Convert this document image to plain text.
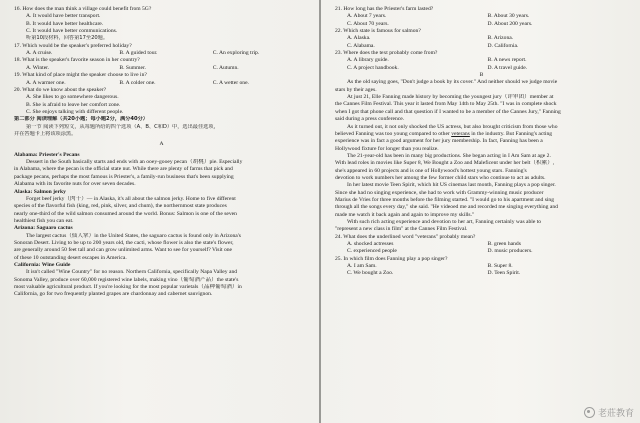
16. How does the man think a village could benefit from 5G?
A. It would have better transport.
B. It would have better healthcare.
C. It would have better communications.
听第10段材料，回答第17至20题。
17. Which would be the speaker's preferred holiday?
A. A cruise.	B. A guided tour.	C. An exploring trip.
18. What is the speaker's favorite season in her country?
A. Winter.	B. Summer.	C. Autumn.
19. What kind of place might the speaker choose to live in?
A. A warmer one.	B. A colder one.	C. A wetter one.
20. What do we know about the speaker?
A. She likes to go somewhere dangerous.
B. She is afraid to leave her comfort zone.
C. She enjoys talking with different people.
第二部分 阅读理解（共20小题；每小题2分，满分40分）
第一节 阅读下列短文，从每题所给的四个选项（A、B、C和D）中，选出最佳选项，
并在答题卡上将该项涂黑。
A
Alabama: Priester's Pecans
Dessert in the South basically starts and ends with an ooey-gooey pecan（胡桃）pie. Especially
in Alabama, where the pecan is the official state nut. While there are plenty of farms that pick and
package pecans, perhaps the most famous is Priester's, a family-run business that's been supplying
Alabama with its favorite nuts for over seven decades.
Alaska: Salmon jerky
Forget beef jerky（肉干）— in Alaska, it's all about the salmon jerky. Home to five different
species of the flavorful fish (king, red, pink, silver, and chum), the northernmost state produces
nearly one-third of the wild salmon consumed around the world. Bonus: Salmon is one of the seven
healthiest fish you can eat.
Arizona: Saguaro cactus
The largest cactus（仙人掌）in the United States, the saguaro cactus is found only in Arizona's
Sonoran Desert. Living to be up to 200 years old, the cacti, whose flower is also the state's flower,
are generally around 50 feet tall and can grow unlimited arms. Want to see for yourself? Visit one
of these 10 outstanding desert escapes in America.
California: Wine Guide
It isn't called "Wine Country" for no reason. Northern California, specifically Napa Valley and
Sonoma Valley, produce over 60,000 registered wine labels, making vino（葡萄酒产品）the state's
most valuable agricultural product. If you're looking for the most popular varietals（品种葡萄酒）in
California, go for two frequently planted grapes are chardonnay and cabernet sauvignon.
21. How long has the Priester's farm lasted?
A. About 7 years.	B. About 30 years.
C. About 70 years.	D. About 200 years.
22. Which state is famous for salmon?
A. Alaska.	B. Arizona.
C. Alabama.	D. California.
23. Where does the text probably come from?
A. A library guide.	B. A news report.
C. A project handbook.	D. A travel guide.
B
As the old saying goes, "Don't judge a book by its cover." And neither should we judge movie
stars by their ages.
At just 21, Elle Fanning made history by becoming the youngest jury（评审团）member at
the Cannes Film Festival. This year it lasted from May 14th to May 25th. "I was in complete shock
when I got that phone call and that question if I wanted to be a member of the Cannes Jury," Fanning
said during a press conference.
As it turned out, it not only shocked the US actress, but also brought criticism from those who
believed Fanning was too young compared to other veterans in the industry. But Fanning's acting
experience was in fact a good argument for her jury membership. In fact, Fanning has been a
Hollywood fixture for longer than you realize.
The 21-year-old has been in many big productions. She began acting in I Am Sam at age 2.
With lead roles in movies like Super 8, We Bought a Zoo and Maleficent under her belt（积累）,
she's appeared in 60 projects and is one of Hollywood's hottest young stars. Fanning's
devotion to work numbers her among the few former child stars who continue to act as adults.
In her latest movie Teen Spirit, which hit US cinemas last month, Fanning plays a pop singer.
Since she had no singing experience, she had to work with Grammy-winning music producer
Marius de Vries for three months before the filming started. "I would go to his apartment and sing
through all the songs every day," she said. "He videoed me and recorded me singing everything and
made me watch it back again and again to improve my skills."
With such rich acting experience and devotion to her art, Fanning certainly was able to
"represent a new class in film" at the Cannes Film Festival.
24. What does the underlined word "veterans" probably mean?
A. shocked actresses	B. green hands
C. experienced people	D. music producers.
25. In which film does Fanning play a pop singer?
A. I am Sam.	B. Super 8.
C. We bought a Zoo.	D. Teen Spirit.
老莊教育
